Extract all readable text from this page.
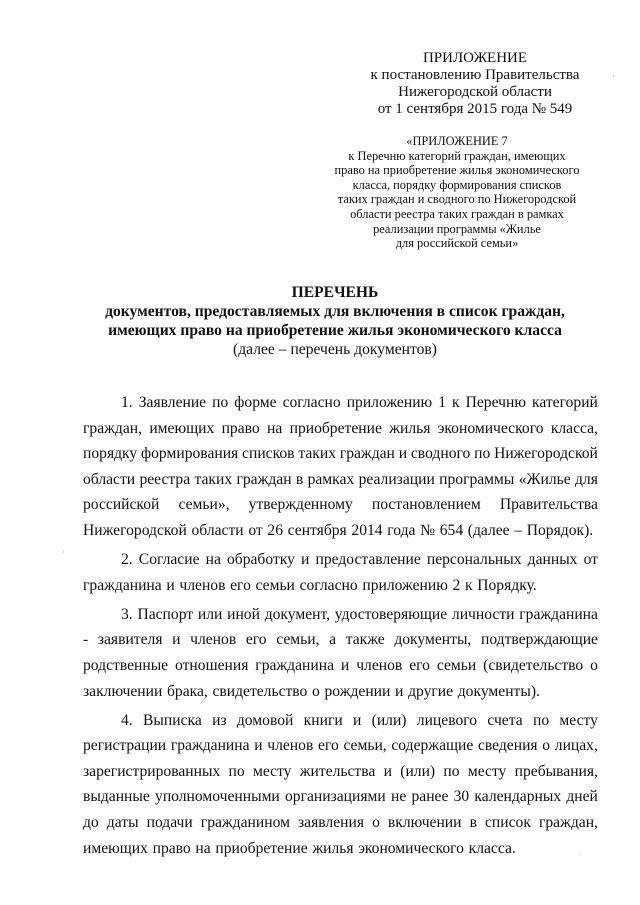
ПРИЛОЖЕНИЕ
к постановлению Правительства
Нижегородской области
от 1 сентября 2015 года № 549
«ПРИЛОЖЕНИЕ 7
к Перечню категорий граждан, имеющих
право на приобретение жилья экономического
класса, порядку формирования списков
таких граждан и сводного по Нижегородской
области реестра таких граждан в рамках
реализации программы «Жилье
для российской семьи»
ПЕРЕЧЕНЬ
документов, предоставляемых для включения в список граждан,
имеющих право на приобретение жилья экономического класса
(далее – перечень документов)
1. Заявление по форме согласно приложению 1 к Перечню категорий
граждан, имеющих право на приобретение жилья экономического класса,
порядку формирования списков таких граждан и сводного по Нижегородской
области реестра таких граждан в рамках реализации программы «Жилье для
российской семьи», утвержденному постановлением Правительства
Нижегородской области от 26 сентября 2014 года № 654 (далее – Порядок).
2. Согласие на обработку и предоставление персональных данных от
гражданина и членов его семьи согласно приложению 2 к Порядку.
3. Паспорт или иной документ, удостоверяющие личности гражданина
- заявителя и членов его семьи, а также документы, подтверждающие
родственные отношения гражданина и членов его семьи (свидетельство о
заключении брака, свидетельство о рождении и другие документы).
4. Выписка из домовой книги и (или) лицевого счета по месту
регистрации гражданина и членов его семьи, содержащие сведения о лицах,
зарегистрированных по месту жительства и (или) по месту пребывания,
выданные уполномоченными организациями не ранее 30 календарных дней
до даты подачи гражданином заявления о включении в список граждан,
имеющих право на приобретение жилья экономического класса.
·
·
·
